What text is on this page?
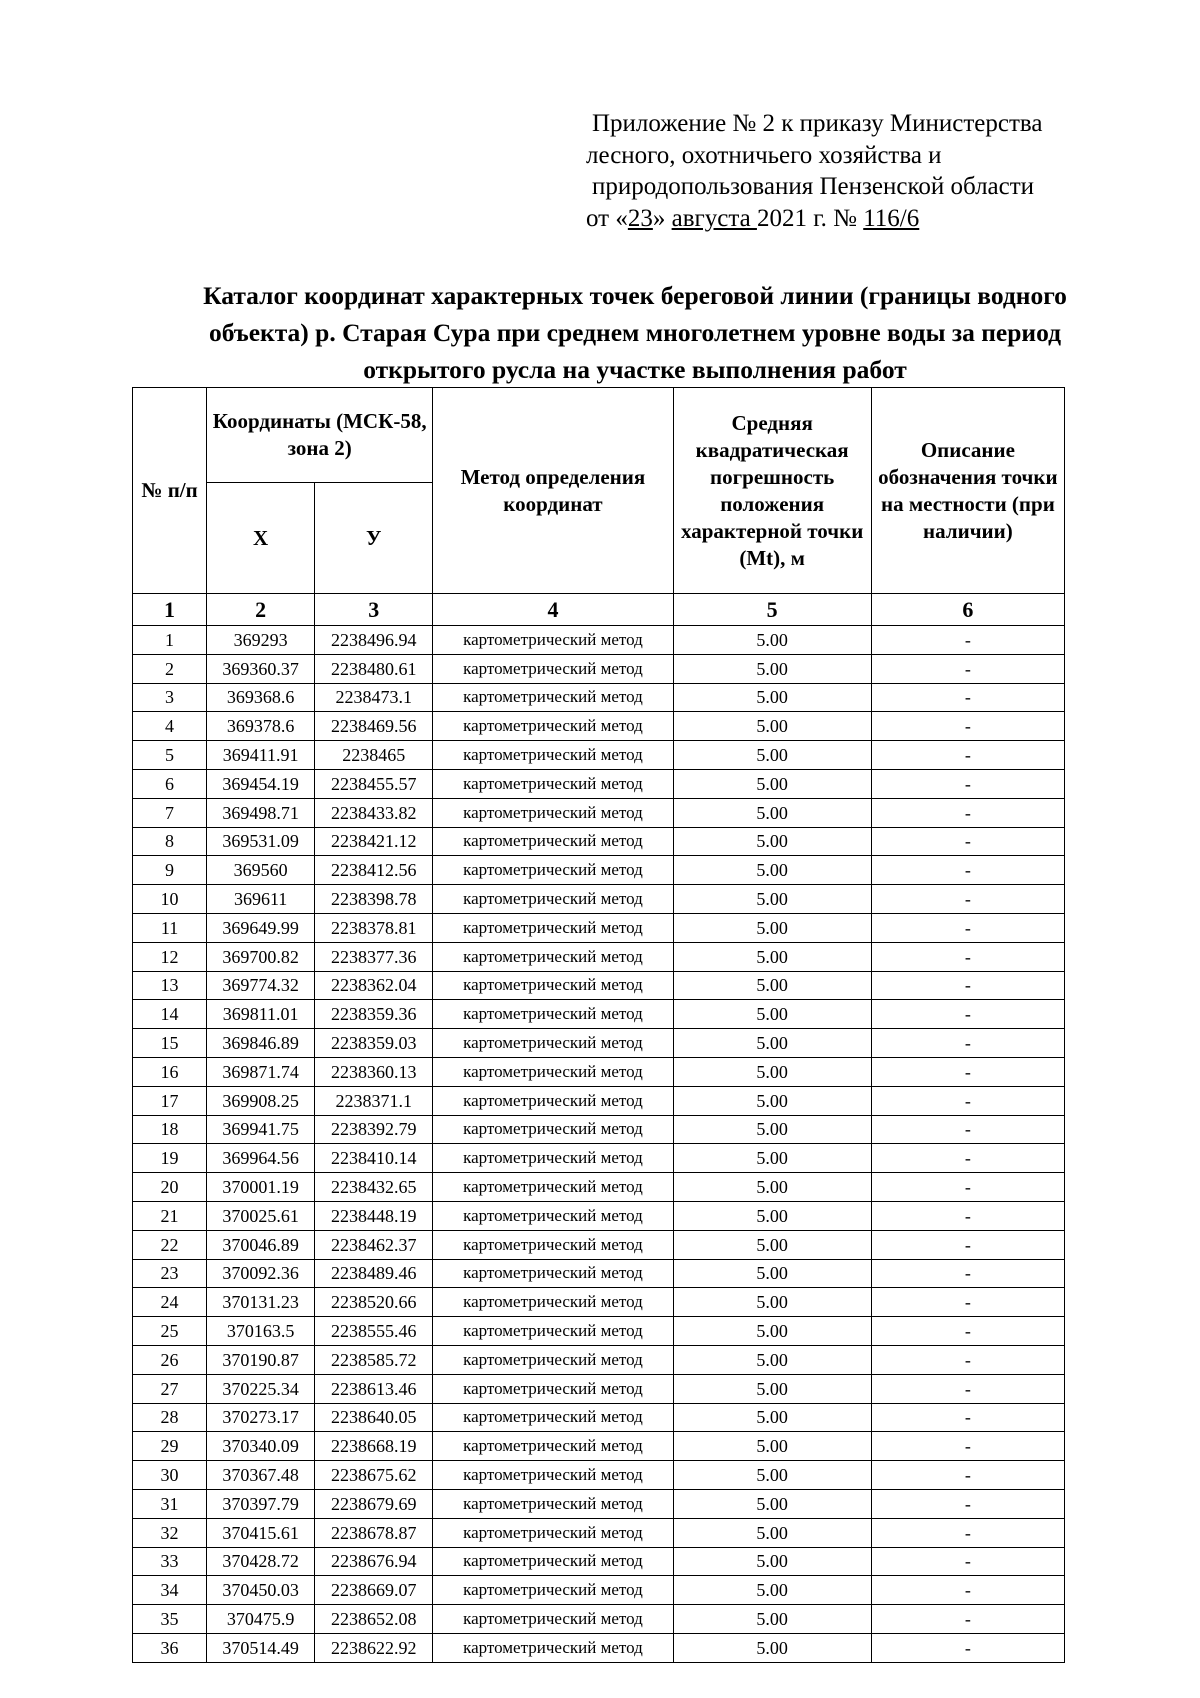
Приложение № 2 к приказу Министерства
лесного, охотничьего хозяйства и
природопользования Пензенской области
от «23» августа 2021 г. № 116/6
Каталог координат характерных точек береговой линии (границы водного объекта) р. Старая Сура при среднем многолетнем уровне воды за период открытого русла на участке выполнения работ
№ п/п	Координаты (МСК-58, зона 2)		Метод определения координат	Средняя квадратическая погрешность положения характерной точки (Mt), м	Описание обозначения точки на местности (при наличии)
	Х	У			
1	2	3	4	5	6
1	369293	2238496.94	картометрический метод	5.00	-
2	369360.37	2238480.61	картометрический метод	5.00	-
3	369368.6	2238473.1	картометрический метод	5.00	-
4	369378.6	2238469.56	картометрический метод	5.00	-
5	369411.91	2238465	картометрический метод	5.00	-
6	369454.19	2238455.57	картометрический метод	5.00	-
7	369498.71	2238433.82	картометрический метод	5.00	-
8	369531.09	2238421.12	картометрический метод	5.00	-
9	369560	2238412.56	картометрический метод	5.00	-
10	369611	2238398.78	картометрический метод	5.00	-
11	369649.99	2238378.81	картометрический метод	5.00	-
12	369700.82	2238377.36	картометрический метод	5.00	-
13	369774.32	2238362.04	картометрический метод	5.00	-
14	369811.01	2238359.36	картометрический метод	5.00	-
15	369846.89	2238359.03	картометрический метод	5.00	-
16	369871.74	2238360.13	картометрический метод	5.00	-
17	369908.25	2238371.1	картометрический метод	5.00	-
18	369941.75	2238392.79	картометрический метод	5.00	-
19	369964.56	2238410.14	картометрический метод	5.00	-
20	370001.19	2238432.65	картометрический метод	5.00	-
21	370025.61	2238448.19	картометрический метод	5.00	-
22	370046.89	2238462.37	картометрический метод	5.00	-
23	370092.36	2238489.46	картометрический метод	5.00	-
24	370131.23	2238520.66	картометрический метод	5.00	-
25	370163.5	2238555.46	картометрический метод	5.00	-
26	370190.87	2238585.72	картометрический метод	5.00	-
27	370225.34	2238613.46	картометрический метод	5.00	-
28	370273.17	2238640.05	картометрический метод	5.00	-
29	370340.09	2238668.19	картометрический метод	5.00	-
30	370367.48	2238675.62	картометрический метод	5.00	-
31	370397.79	2238679.69	картометрический метод	5.00	-
32	370415.61	2238678.87	картометрический метод	5.00	-
33	370428.72	2238676.94	картометрический метод	5.00	-
34	370450.03	2238669.07	картометрический метод	5.00	-
35	370475.9	2238652.08	картометрический метод	5.00	-
36	370514.49	2238622.92	картометрический метод	5.00	-
